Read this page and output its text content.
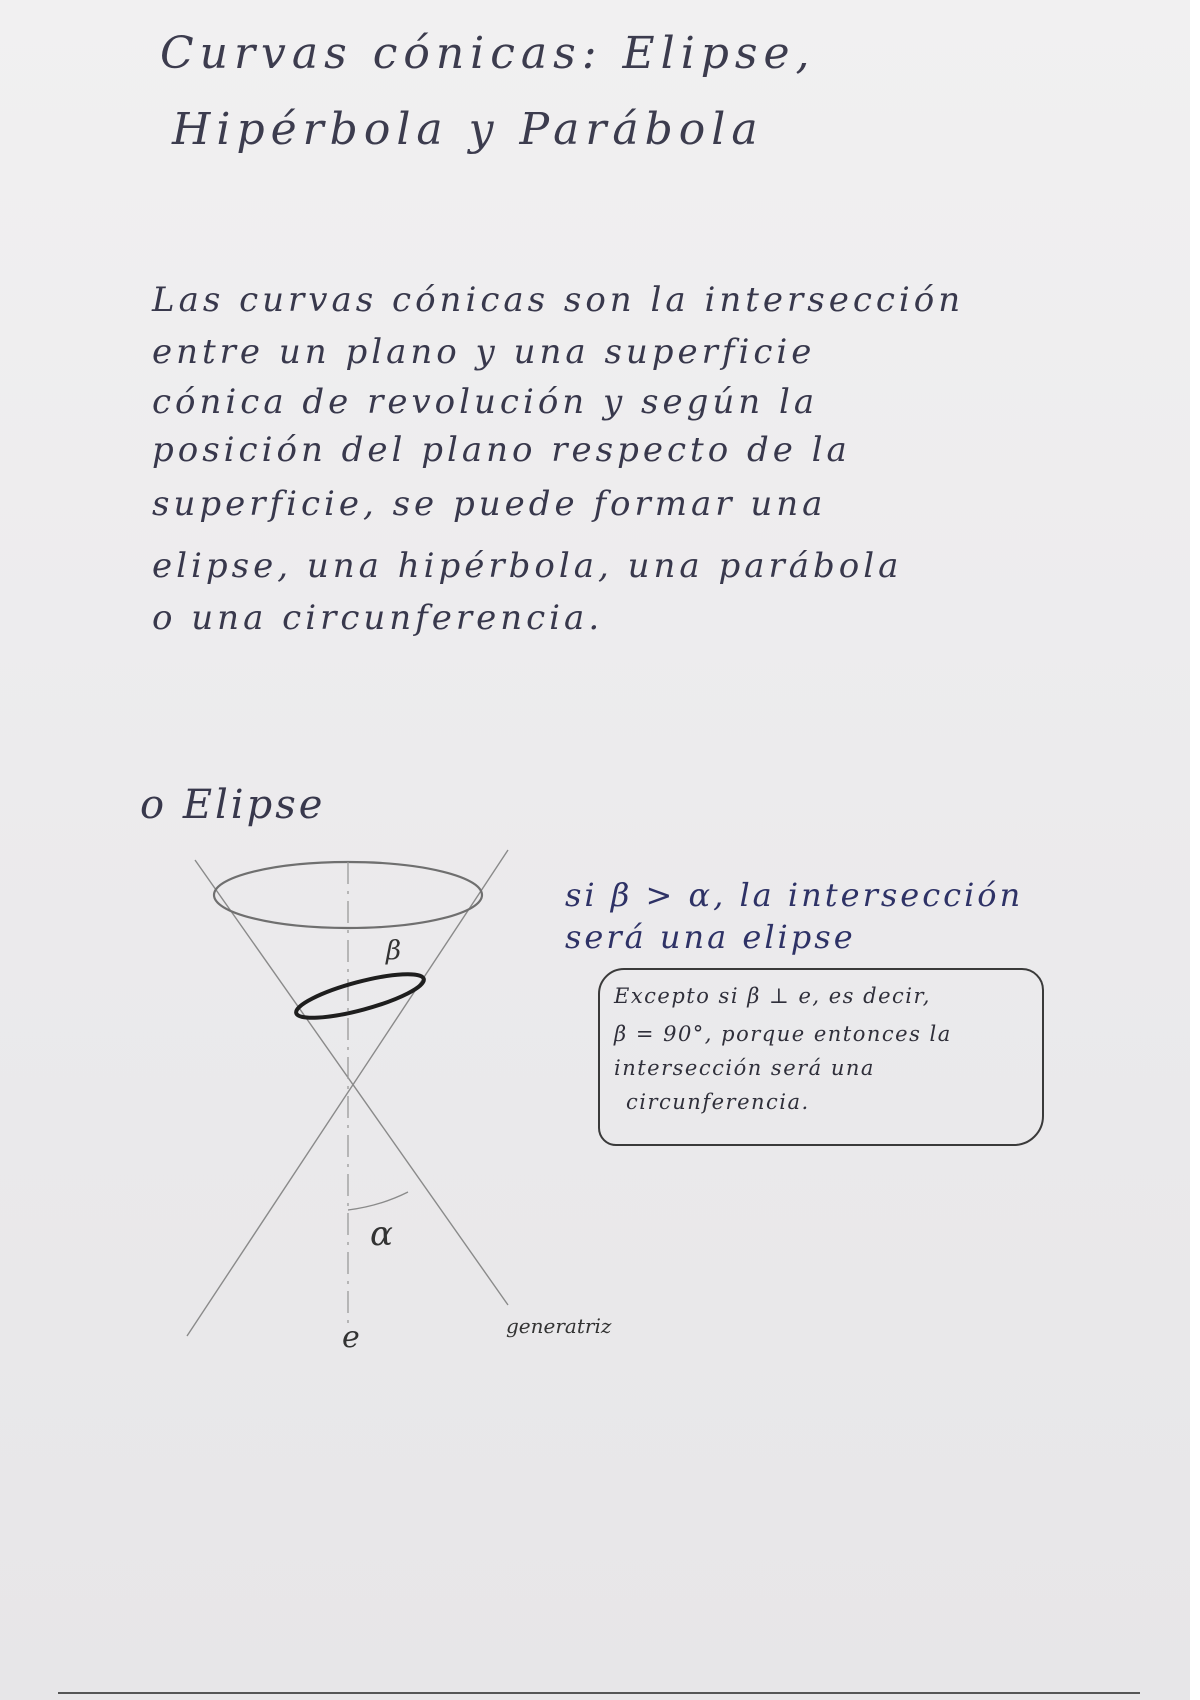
Curvas cónicas: Elipse,
Hipérbola y Parábola
Las curvas cónicas son la intersección
entre un plano y una superficie
cónica de revolución y según la
posición del plano respecto de la
superficie, se puede formar una
elipse, una hipérbola, una parábola
o una circunferencia.
o Elipse
β
α
e	generatriz
si β > α, la intersección
será una elipse
Excepto si β ⊥ e, es decir,
β = 90°, porque entonces la
intersección será una
circunferencia.
